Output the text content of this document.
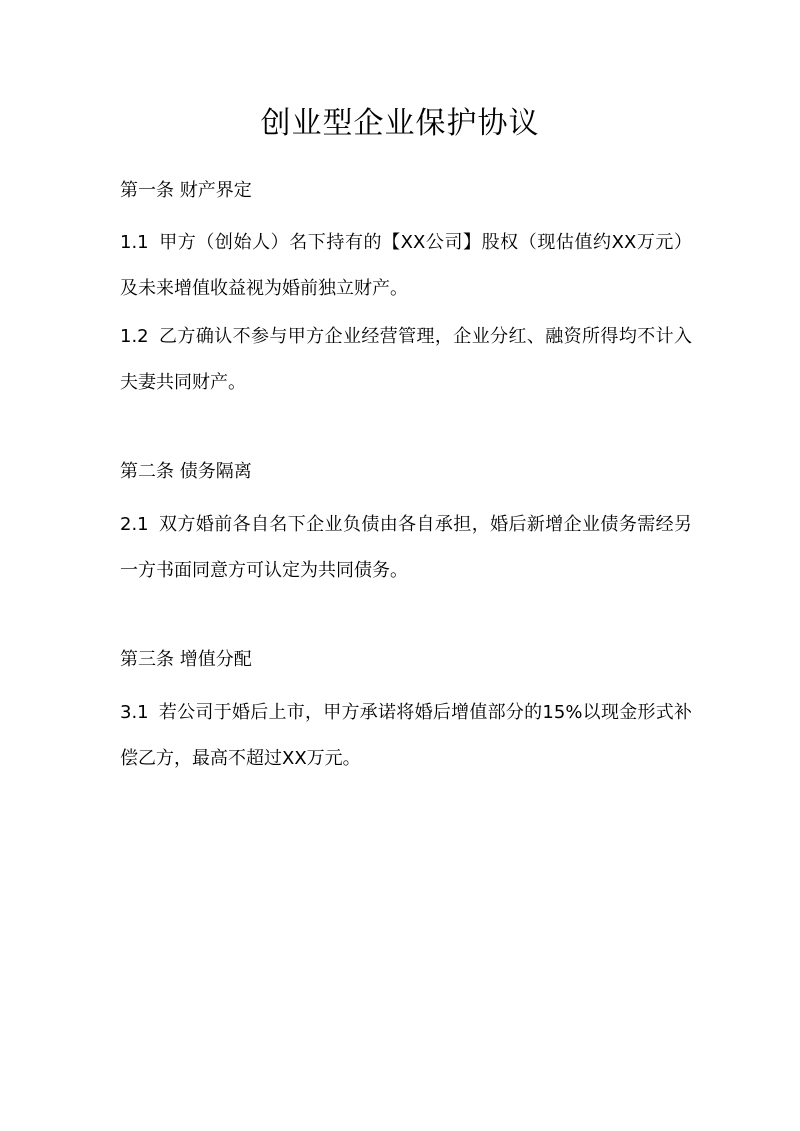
创业型企业保护协议
第一条 财产界定
1.1 甲方（创始人）名下持有的【XX公司】股权（现估值约XX万元）及未来增值收益视为婚前独立财产。
1.2 乙方确认不参与甲方企业经营管理，企业分红、融资所得均不计入夫妻共同财产。
第二条 债务隔离
2.1 双方婚前各自名下企业负债由各自承担，婚后新增企业债务需经另一方书面同意方可认定为共同债务。
第三条 增值分配
3.1 若公司于婚后上市，甲方承诺将婚后增值部分的15%以现金形式补偿乙方，最高不超过XX万元。
